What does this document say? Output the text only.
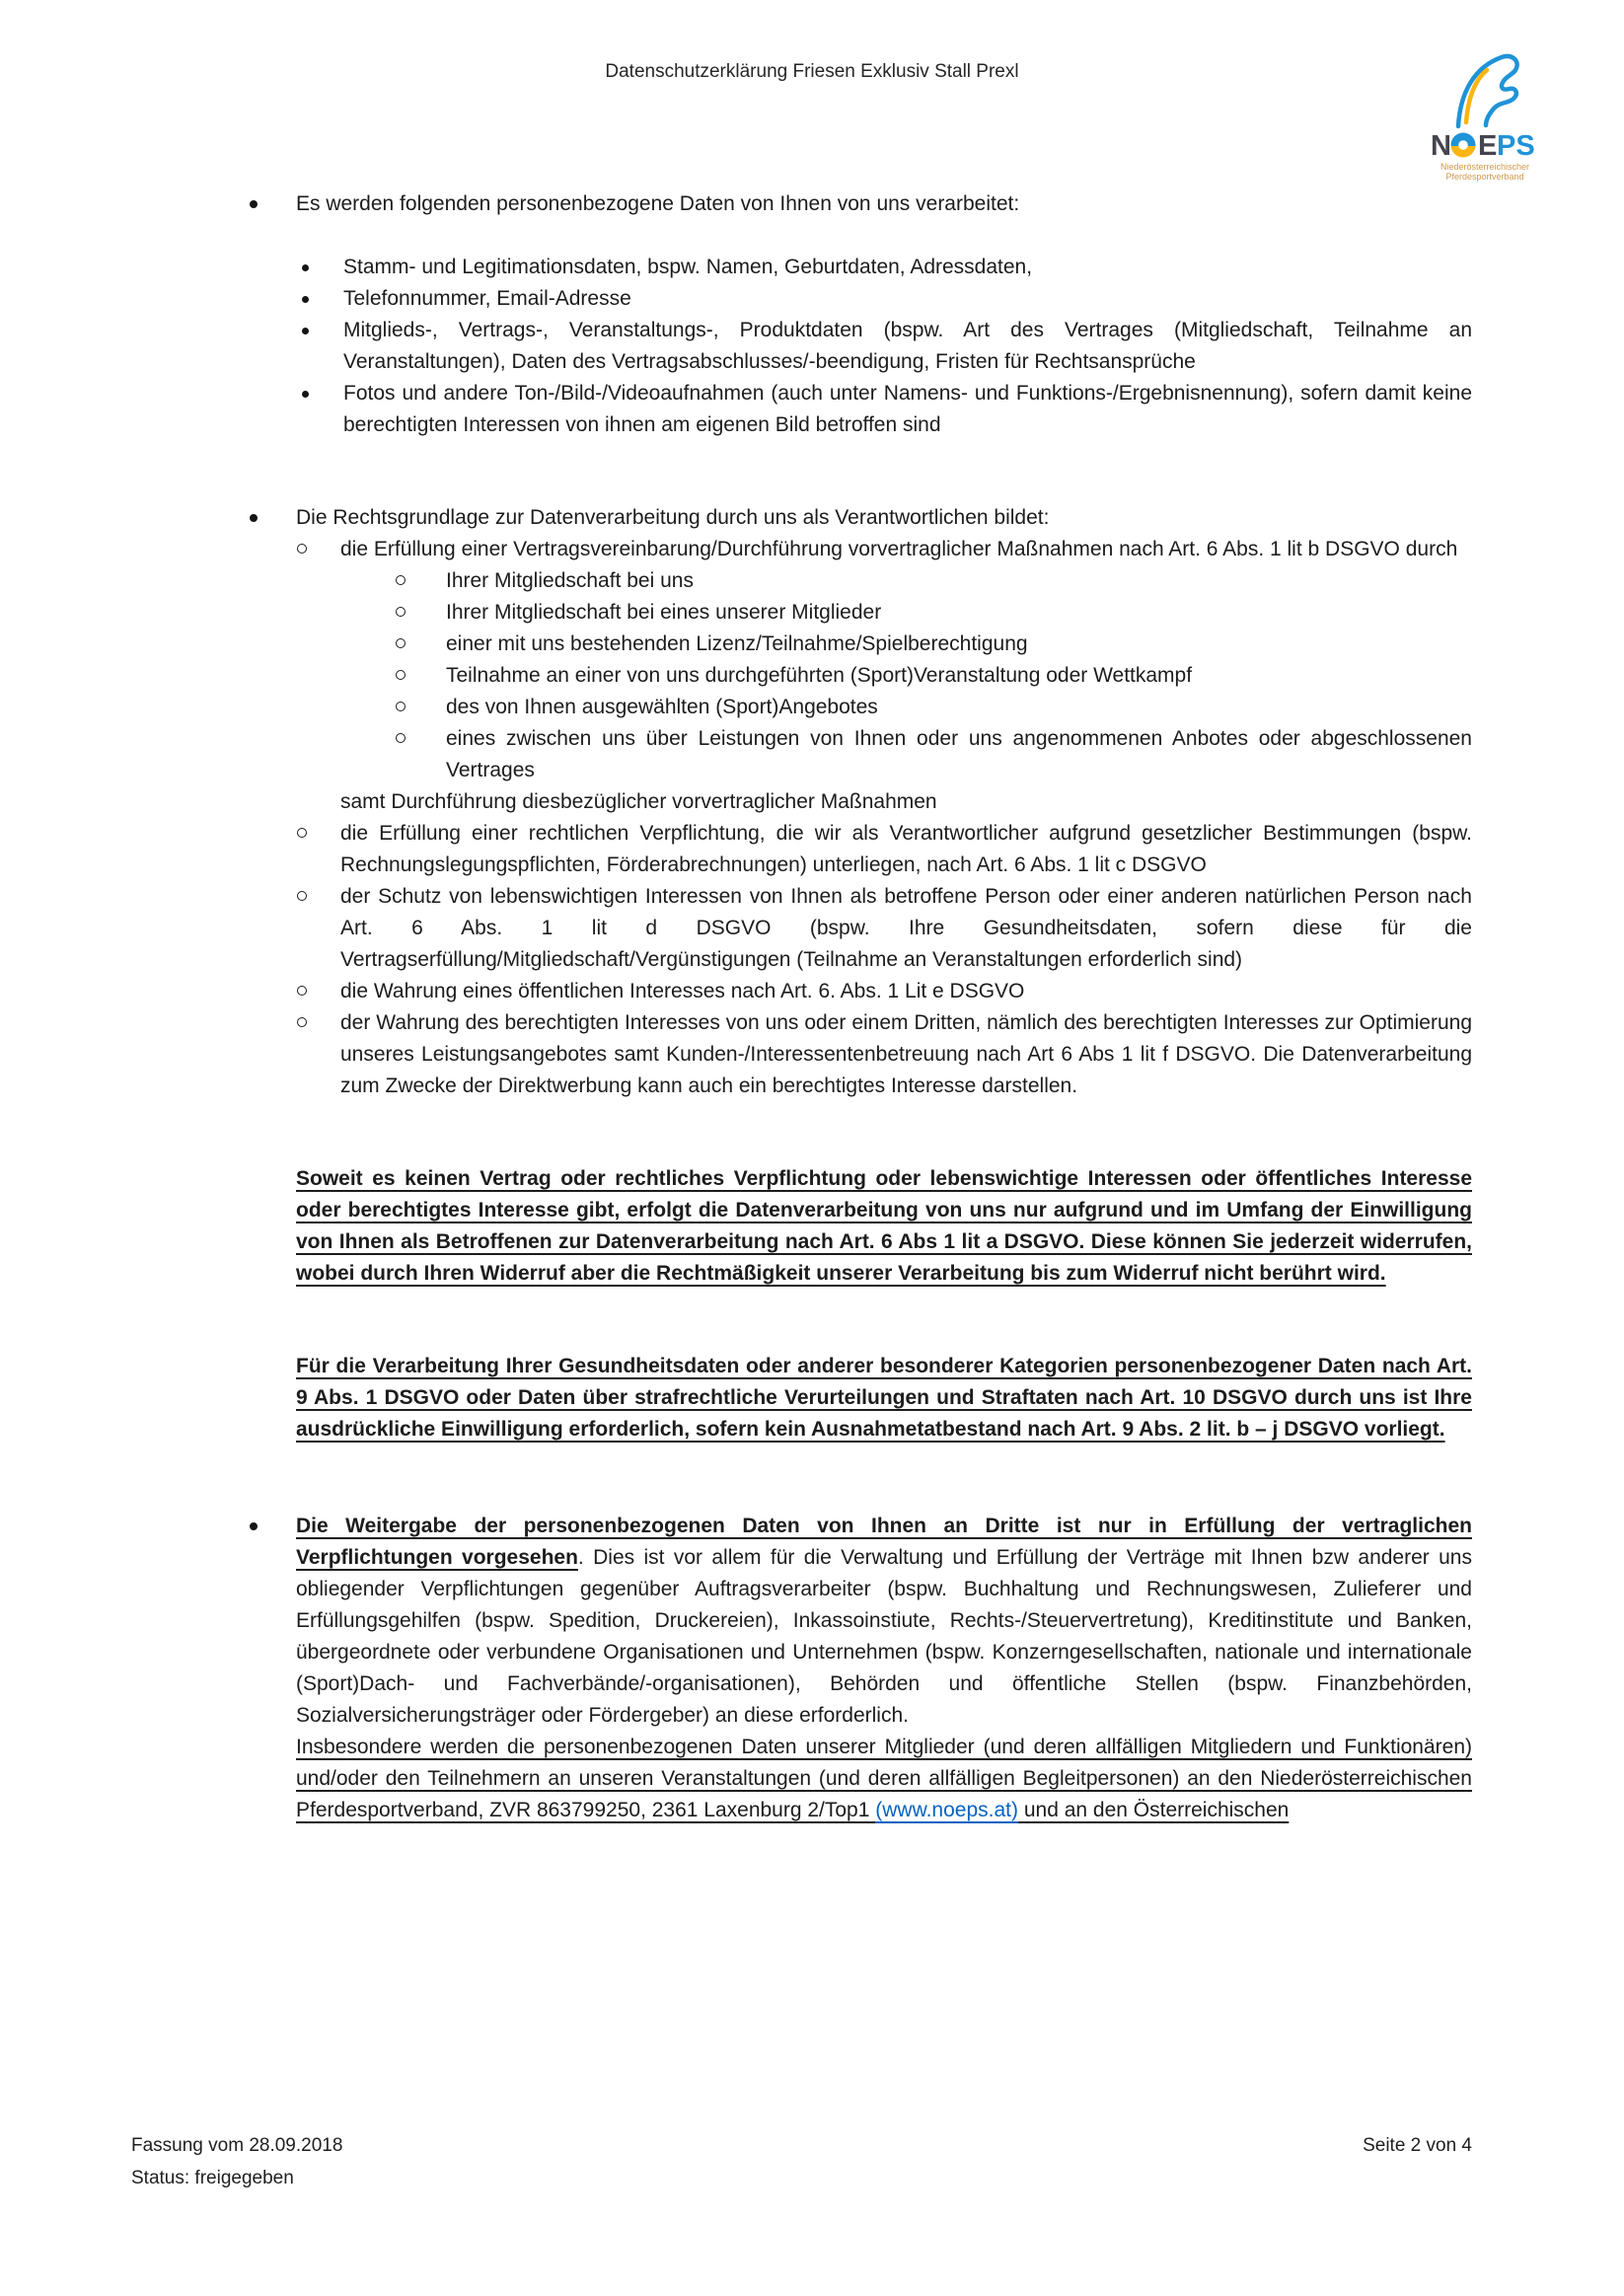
Datenschutzerklärung Friesen Exklusiv Stall Prexl
N E PS
Niederösterreichischer
Pferdesportverband
Es werden folgenden personenbezogene Daten von Ihnen von uns verarbeitet:
Stamm- und Legitimationsdaten, bspw. Namen, Geburtdaten, Adressdaten,
Telefonnummer, Email-Adresse
Mitglieds-, Vertrags-, Veranstaltungs-, Produktdaten (bspw. Art des Vertrages (Mitgliedschaft, Teilnahme an Veranstaltungen), Daten des Vertragsabschlusses/-beendigung, Fristen für Rechtsansprüche
Fotos und andere Ton-/Bild-/Videoaufnahmen (auch unter Namens- und Funktions-/Ergebnisnennung), sofern damit keine berechtigten Interessen von ihnen am eigenen Bild betroffen sind
Die Rechtsgrundlage zur Datenverarbeitung durch uns als Verantwortlichen bildet:
die Erfüllung einer Vertragsvereinbarung/Durchführung vorvertraglicher Maßnahmen nach Art. 6 Abs. 1 lit b DSGVO durch
Ihrer Mitgliedschaft bei uns
Ihrer Mitgliedschaft bei eines unserer Mitglieder
einer mit uns bestehenden Lizenz/Teilnahme/Spielberechtigung
Teilnahme an einer von uns durchgeführten (Sport)Veranstaltung oder Wettkampf
des von Ihnen ausgewählten (Sport)Angebotes
eines zwischen uns über Leistungen von Ihnen oder uns angenommenen Anbotes oder abgeschlossenen Vertrages
samt Durchführung diesbezüglicher vorvertraglicher Maßnahmen
die Erfüllung einer rechtlichen Verpflichtung, die wir als Verantwortlicher aufgrund gesetzlicher Bestimmungen (bspw. Rechnungslegungspflichten, Förderabrechnungen) unterliegen, nach Art. 6 Abs. 1 lit c DSGVO
der Schutz von lebenswichtigen Interessen von Ihnen als betroffene Person oder einer anderen natürlichen Person nach Art. 6 Abs. 1 lit d DSGVO (bspw. Ihre Gesundheitsdaten, sofern diese für die Vertragserfüllung/Mitgliedschaft/Vergünstigungen (Teilnahme an Veranstaltungen erforderlich sind)
die Wahrung eines öffentlichen Interesses nach Art. 6. Abs. 1 Lit e DSGVO
der Wahrung des berechtigten Interesses von uns oder einem Dritten, nämlich des berechtigten Interesses zur Optimierung unseres Leistungsangebotes samt Kunden-/Interessentenbetreuung nach Art 6 Abs 1 lit f DSGVO. Die Datenverarbeitung zum Zwecke der Direktwerbung kann auch ein berechtigtes Interesse darstellen.
Soweit es keinen Vertrag oder rechtliches Verpflichtung oder lebenswichtige Interessen oder öffentliches Interesse oder berechtigtes Interesse gibt, erfolgt die Datenverarbeitung von uns nur aufgrund und im Umfang der Einwilligung von Ihnen als Betroffenen zur Datenverarbeitung nach Art. 6 Abs 1 lit a DSGVO. Diese können Sie jederzeit widerrufen, wobei durch Ihren Widerruf aber die Rechtmäßigkeit unserer Verarbeitung bis zum Widerruf nicht berührt wird.
Für die Verarbeitung Ihrer Gesundheitsdaten oder anderer besonderer Kategorien personenbezogener Daten nach Art. 9 Abs. 1 DSGVO oder Daten über strafrechtliche Verurteilungen und Straftaten nach Art. 10 DSGVO durch uns ist Ihre ausdrückliche Einwilligung erforderlich, sofern kein Ausnahmetatbestand nach Art. 9 Abs. 2 lit. b – j DSGVO vorliegt.
Die Weitergabe der personenbezogenen Daten von Ihnen an Dritte ist nur in Erfüllung der vertraglichen Verpflichtungen vorgesehen. Dies ist vor allem für die Verwaltung und Erfüllung der Verträge mit Ihnen bzw anderer uns obliegender Verpflichtungen gegenüber Auftragsverarbeiter (bspw. Buchhaltung und Rechnungswesen, Zulieferer und Erfüllungsgehilfen (bspw. Spedition, Druckereien), Inkassoinstiute, Rechts-/Steuervertretung), Kreditinstitute und Banken, übergeordnete oder verbundene Organisationen und Unternehmen (bspw. Konzerngesellschaften, nationale und internationale (Sport)Dach- und Fachverbände/-organisationen), Behörden und öffentliche Stellen (bspw. Finanzbehörden, Sozialversicherungsträger oder Fördergeber) an diese erforderlich.
Insbesondere werden die personenbezogenen Daten unserer Mitglieder (und deren allfälligen Mitgliedern und Funktionären) und/oder den Teilnehmern an unseren Veranstaltungen (und deren allfälligen Begleitpersonen) an den Niederösterreichischen Pferdesportverband, ZVR 863799250, 2361 Laxenburg 2/Top1 (www.noeps.at) und an den Österreichischen
Fassung vom 28.09.2018
Status: freigegeben
Seite 2 von 4
